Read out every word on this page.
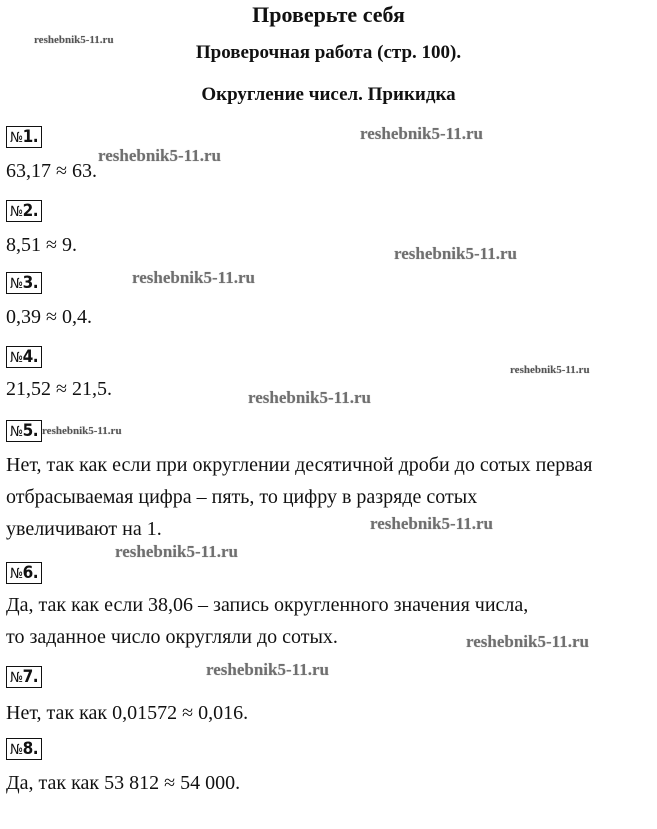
Проверьте себя
Проверочная работа (стр. 100).
Округление чисел. Прикидка
№1.
63,17 ≈ 63.
№2.
8,51 ≈ 9.
№3.
0,39 ≈ 0,4.
№4.
21,52 ≈ 21,5.
№5.
Нет, так как если при округлении десятичной дроби до сотых первая
отбрасываемая цифра – пять, то цифру в разряде сотых
увеличивают на 1.
№6.
Да, так как если 38,06 – запись округленного значения числа,
то заданное число округляли до сотых.
№7.
Нет, так как 0,01572 ≈ 0,016.
№8.
Да, так как 53 812 ≈ 54 000.
reshebnik5-11.ru
reshebnik5-11.ru
reshebnik5-11.ru
reshebnik5-11.ru
reshebnik5-11.ru
reshebnik5-11.ru
reshebnik5-11.ru
reshebnik5-11.ru
reshebnik5-11.ru
reshebnik5-11.ru
reshebnik5-11.ru
reshebnik5-11.ru
